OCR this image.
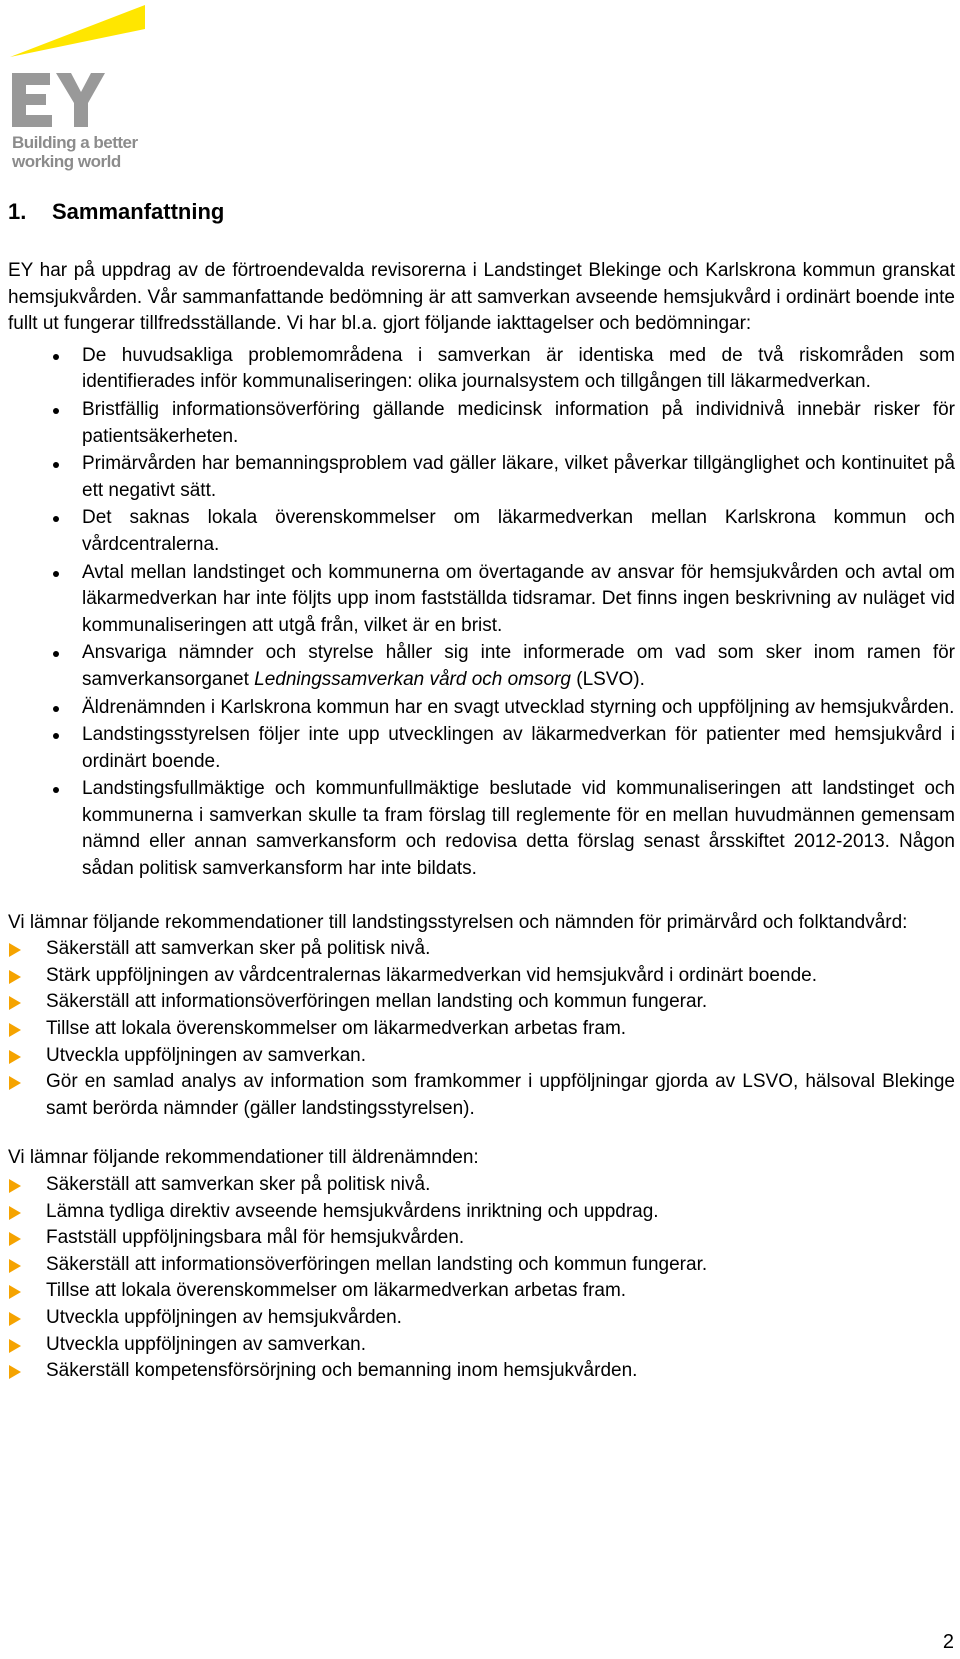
Building a better working world
1.	Sammanfattning

EY har på uppdrag av de förtroendevalda revisorerna i Landstinget Blekinge och Karlskrona kommun granskat hemsjukvården. Vår sammanfattande bedömning är att samverkan avseende hemsjukvård i ordinärt boende inte fullt ut fungerar tillfredsställande. Vi har bl.a. gjort följande iakttagelser och bedömningar:

De huvudsakliga problemområdena i samverkan är identiska med de två riskområden som identifierades inför kommunaliseringen: olika journalsystem och tillgången till läkarmedverkan.
Bristfällig informationsöverföring gällande medicinsk information på individnivå innebär risker för patientsäkerheten.
Primärvården har bemanningsproblem vad gäller läkare, vilket påverkar tillgänglighet och kontinuitet på ett negativt sätt.
Det saknas lokala överenskommelser om läkarmedverkan mellan Karlskrona kommun och vårdcentralerna.
Avtal mellan landstinget och kommunerna om övertagande av ansvar för hemsjukvården och avtal om läkarmedverkan har inte följts upp inom fastställda tidsramar. Det finns ingen beskrivning av nuläget vid kommunaliseringen att utgå från, vilket är en brist.
Ansvariga nämnder och styrelse håller sig inte informerade om vad som sker inom ramen för samverkansorganet Ledningssamverkan vård och omsorg (LSVO).
Äldrenämnden i Karlskrona kommun har en svagt utvecklad styrning och uppföljning av hemsjukvården.
Landstingsstyrelsen följer inte upp utvecklingen av läkarmedverkan för patienter med hemsjukvård i ordinärt boende.
Landstingsfullmäktige och kommunfullmäktige beslutade vid kommunaliseringen att landstinget och kommunerna i samverkan skulle ta fram förslag till reglemente för en mellan huvudmännen gemensam nämnd eller annan samverkansform och redovisa detta förslag senast årsskiftet 2012-2013. Någon sådan politisk samverkansform har inte bildats.

Vi lämnar följande rekommendationer till landstingsstyrelsen och nämnden för primärvård och folktandvård:

Säkerställ att samverkan sker på politisk nivå.
Stärk uppföljningen av vårdcentralernas läkarmedverkan vid hemsjukvård i ordinärt boende.
Säkerställ att informationsöverföringen mellan landsting och kommun fungerar.
Tillse att lokala överenskommelser om läkarmedverkan arbetas fram.
Utveckla uppföljningen av samverkan.
Gör en samlad analys av information som framkommer i uppföljningar gjorda av LSVO, hälsoval Blekinge samt berörda nämnder (gäller landstingsstyrelsen).

Vi lämnar följande rekommendationer till äldrenämnden:

Säkerställ att samverkan sker på politisk nivå.
Lämna tydliga direktiv avseende hemsjukvårdens inriktning och uppdrag.
Fastställ uppföljningsbara mål för hemsjukvården.
Säkerställ att informationsöverföringen mellan landsting och kommun fungerar.
Tillse att lokala överenskommelser om läkarmedverkan arbetas fram.
Utveckla uppföljningen av hemsjukvården.
Utveckla uppföljningen av samverkan.
Säkerställ kompetensförsörjning och bemanning inom hemsjukvården.
2
